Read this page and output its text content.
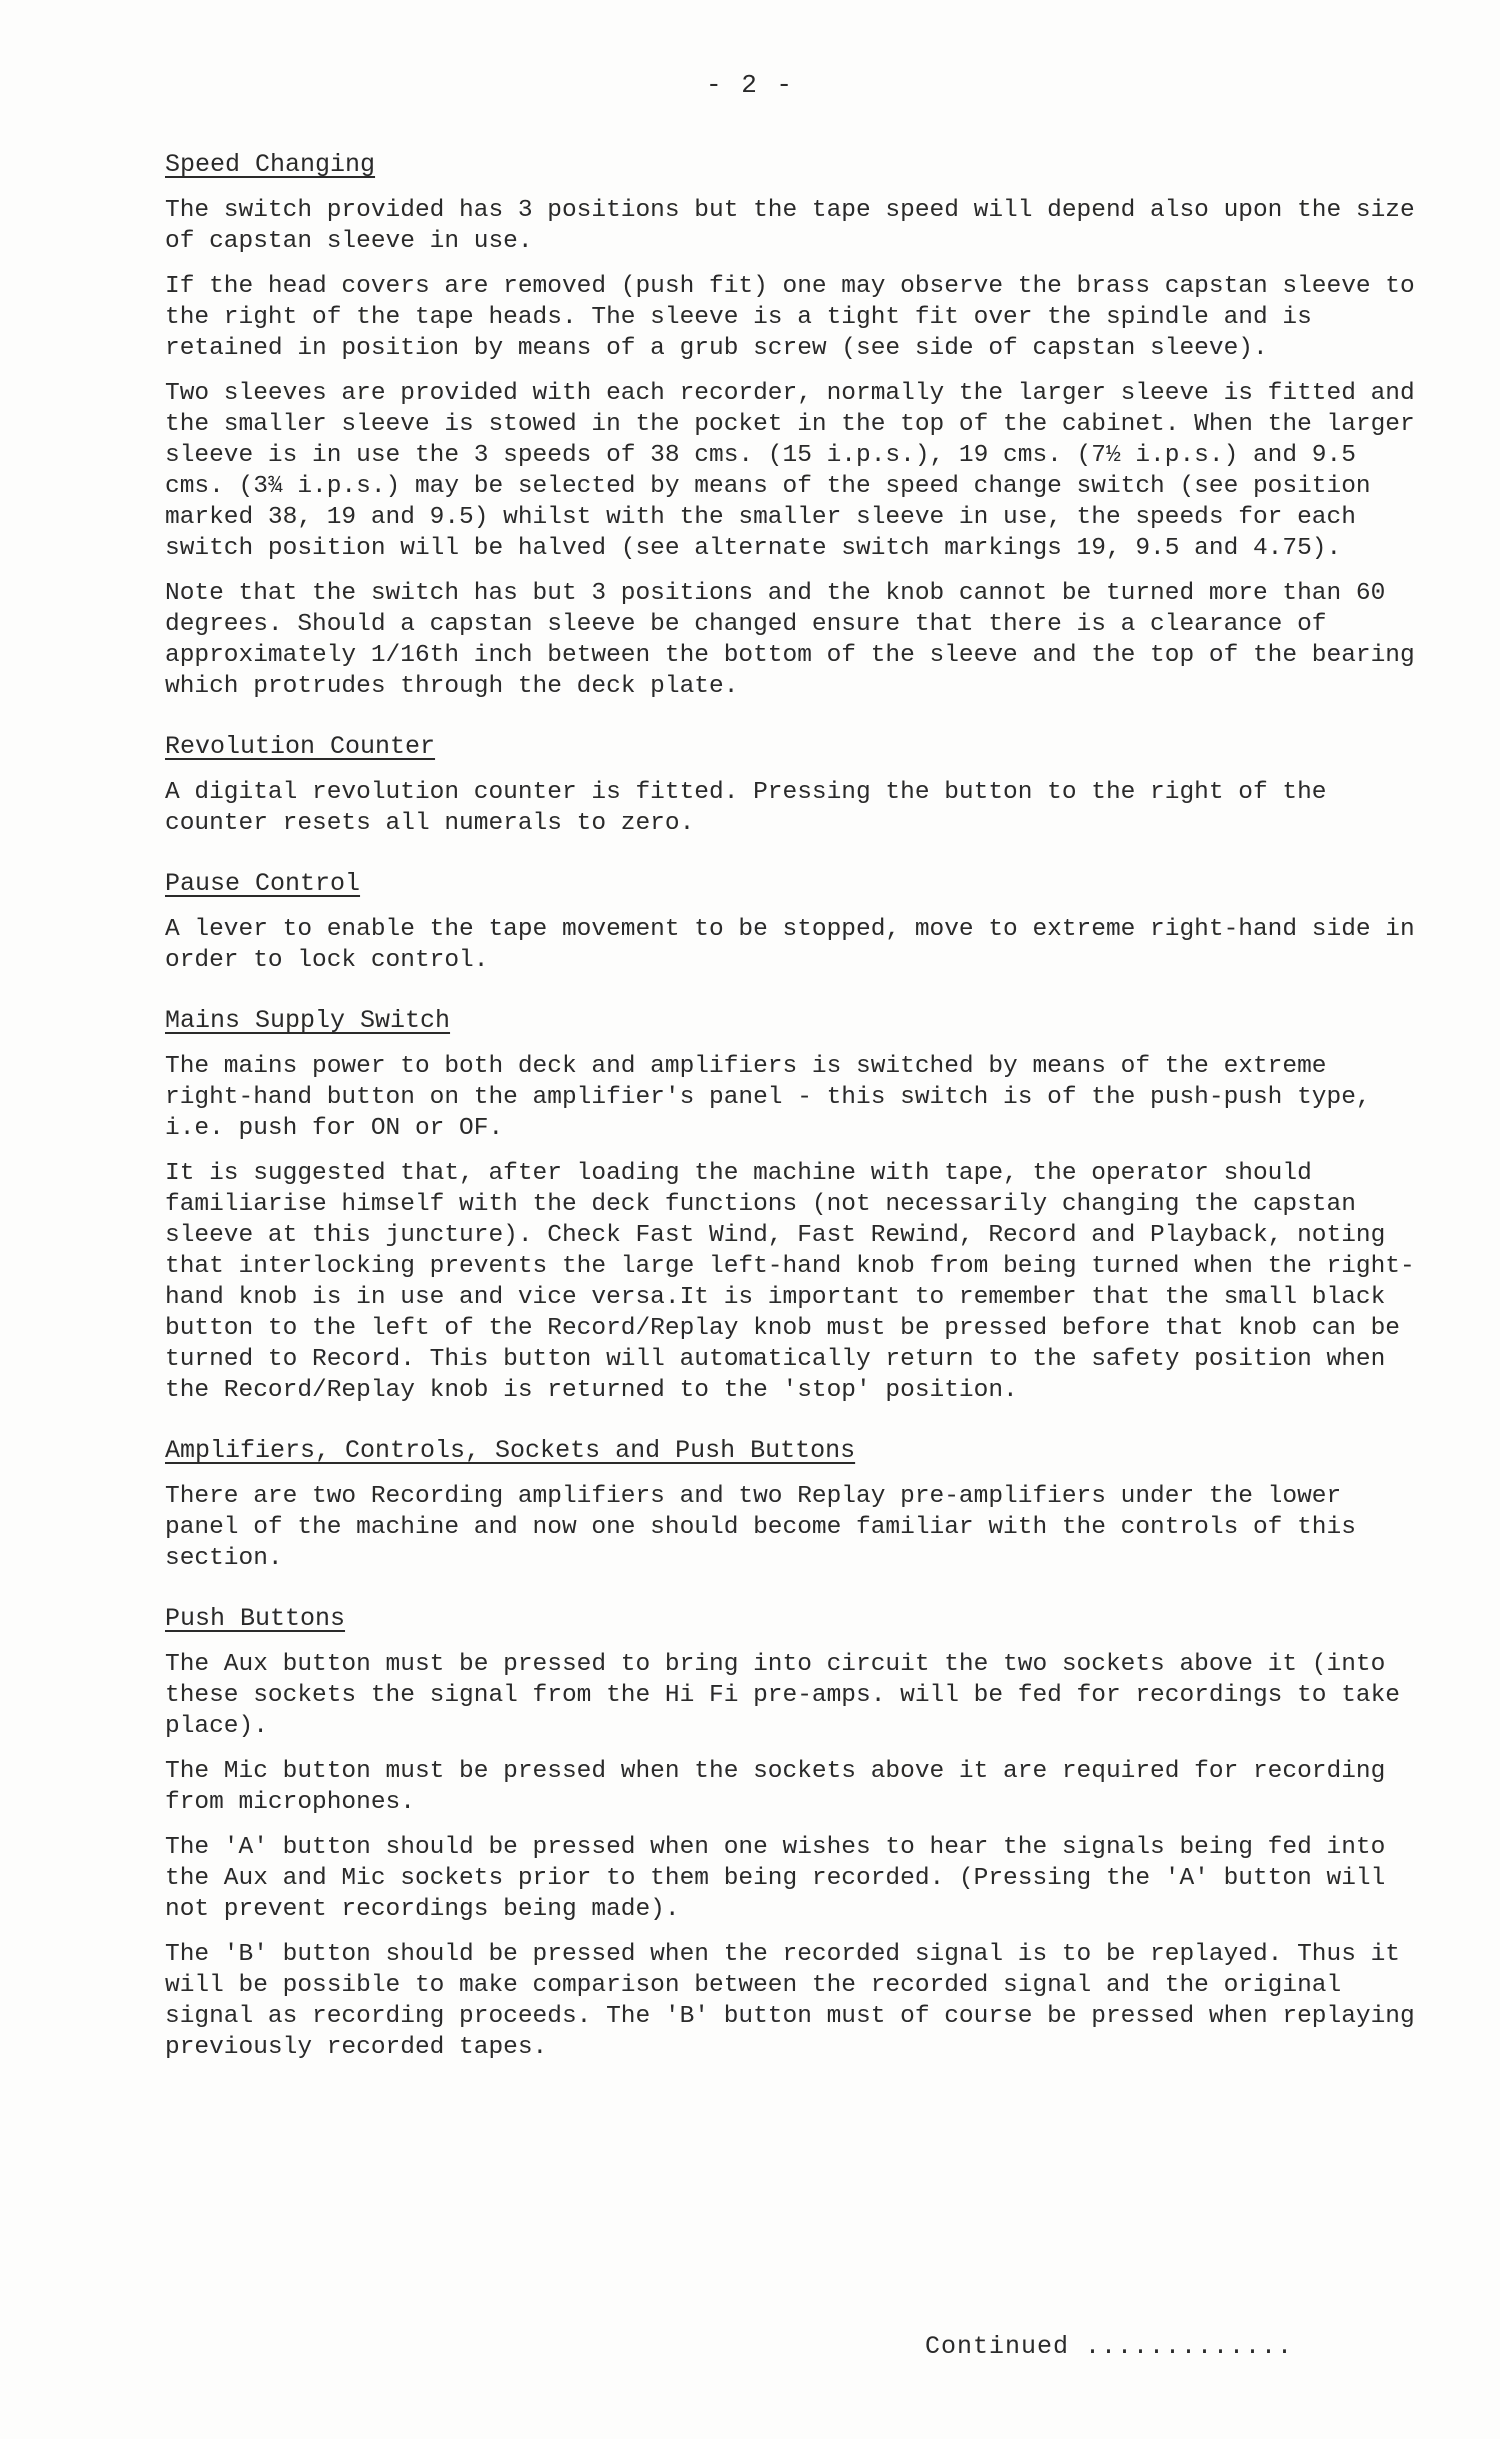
- 2 -
Speed Changing

The switch provided has 3 positions but the tape speed will depend also upon the size of capstan sleeve in use.

If the head covers are removed (push fit) one may observe the brass capstan sleeve to the right of the tape heads. The sleeve is a tight fit over the spindle and is retained in position by means of a grub screw (see side of capstan sleeve).

Two sleeves are provided with each recorder, normally the larger sleeve is fitted and the smaller sleeve is stowed in the pocket in the top of the cabinet. When the larger sleeve is in use the 3 speeds of 38 cms. (15 i.p.s.), 19 cms. (7½ i.p.s.) and 9.5 cms. (3¾ i.p.s.) may be selected by means of the speed change switch (see position marked 38, 19 and 9.5) whilst with the smaller sleeve in use, the speeds for each switch position will be halved (see alternate switch markings 19, 9.5 and 4.75).

Note that the switch has but 3 positions and the knob cannot be turned more than 60 degrees. Should a capstan sleeve be changed ensure that there is a clearance of approximately 1/16th inch between the bottom of the sleeve and the top of the bearing which protrudes through the deck plate.

Revolution Counter

A digital revolution counter is fitted. Pressing the button to the right of the counter resets all numerals to zero.

Pause Control

A lever to enable the tape movement to be stopped, move to extreme right-hand side in order to lock control.

Mains Supply Switch

The mains power to both deck and amplifiers is switched by means of the extreme right-hand button on the amplifier's panel - this switch is of the push-push type, i.e. push for ON or OF.

It is suggested that, after loading the machine with tape, the operator should familiarise himself with the deck functions (not necessarily changing the capstan sleeve at this juncture). Check Fast Wind, Fast Rewind, Record and Playback, noting that interlocking prevents the large left-hand knob from being turned when the right-hand knob is in use and vice versa.It is important to remember that the small black button to the left of the Record/Replay knob must be pressed before that knob can be turned to Record. This button will automatically return to the safety position when the Record/Replay knob is returned to the 'stop' position.

Amplifiers, Controls, Sockets and Push Buttons

There are two Recording amplifiers and two Replay pre-amplifiers under the lower panel of the machine and now one should become familiar with the controls of this section.

Push Buttons

The Aux button must be pressed to bring into circuit the two sockets above it (into these sockets the signal from the Hi Fi pre-amps. will be fed for recordings to take place).

The Mic button must be pressed when the sockets above it are required for recording from microphones.

The 'A' button should be pressed when one wishes to hear the signals being fed into the Aux and Mic sockets prior to them being recorded. (Pressing the 'A' button will not prevent recordings being made).

The 'B' button should be pressed when the recorded signal is to be replayed. Thus it will be possible to make comparison between the recorded signal and the original signal as recording proceeds. The 'B' button must of course be pressed when replaying previously recorded tapes.

Continued .............
